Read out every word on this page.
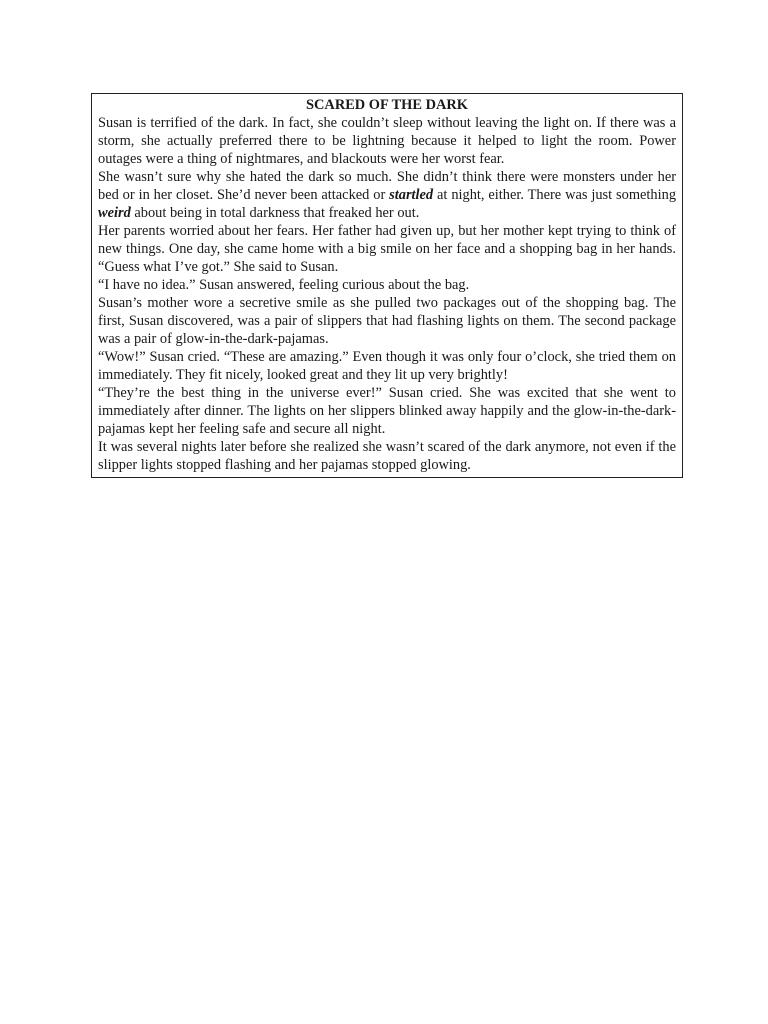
SCARED OF THE DARK

Susan is terrified of the dark. In fact, she couldn’t sleep without leaving the light on. If there was a storm, she actually preferred there to be lightning because it helped to light the room. Power outages were a thing of nightmares, and blackouts were her worst fear.

She wasn’t sure why she hated the dark so much. She didn’t think there were monsters under her bed or in her closet. She’d never been attacked or startled at night, either. There was just something weird about being in total darkness that freaked her out.

Her parents worried about her fears. Her father had given up, but her mother kept trying to think of new things. One day, she came home with a big smile on her face and a shopping bag in her hands. “Guess what I’ve got.” She said to Susan.

“I have no idea.” Susan answered, feeling curious about the bag.

Susan’s mother wore a secretive smile as she pulled two packages out of the shopping bag. The first, Susan discovered, was a pair of slippers that had flashing lights on them. The second package was a pair of glow-in-the-dark-pajamas.

“Wow!” Susan cried. “These are amazing.” Even though it was only four o’clock, she tried them on immediately. They fit nicely, looked great and they lit up very brightly!

“They’re the best thing in the universe ever!” Susan cried. She was excited that she went to immediately after dinner. The lights on her slippers blinked away happily and the glow-in-the-dark-pajamas kept her feeling safe and secure all night.

It was several nights later before she realized she wasn’t scared of the dark anymore, not even if the slipper lights stopped flashing and her pajamas stopped glowing.
